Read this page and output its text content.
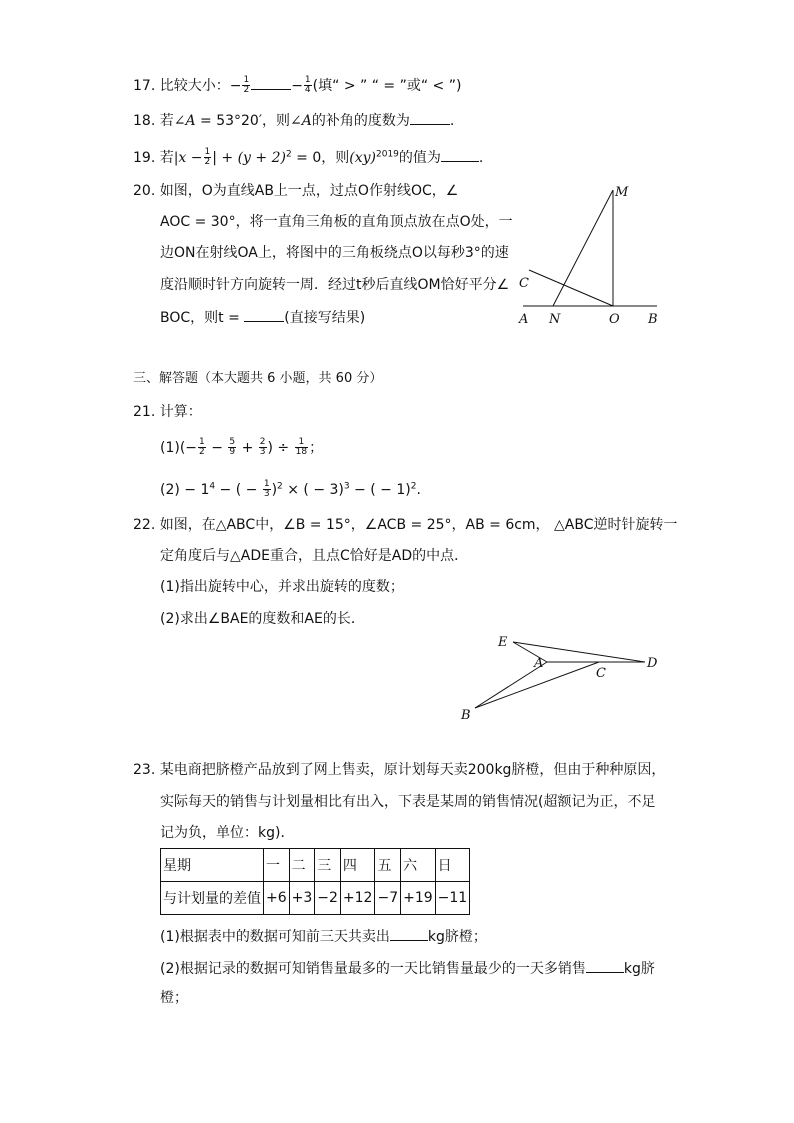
17. 比较大小：− $\frac{1}{2}$	− $\frac{1}{4}$ (填“ > ” “ = ”或“ < ”)
18. 若∠A = 53°20′，则∠A的补角的度数为	.
19. 若$|x - \frac{1}{2}$ | + $(y + 2)^2 = 0$，则(xy)$^{2019}$的值为	.
20. 如图，O为直线AB上一点，过点O作射线OC，∠
AOC = 30°，将一直角三角板的直角顶点放在点O处，一
边ON在射线OA上，将图中的三角板绕点O以每秒3°的速
度沿顺时针方向旋转一周．经过t秒后直线OM恰好平分∠
BOC，则t =	(直接写结果)
M
C
A N	O B
三、解答题（本大题共 6 小题，共 60 分）
21. 计算：
$(1)(- \frac{1}{2} - \frac{5}{9} + \frac{2}{3}$ ) ÷ $\frac{1}{18}$ ；
$(2) - 1^4$ − ( − $\frac{1}{3} )^2$ × ( − 3)$^3$ − ( − 1)$^2$.
22. 如图，在△ABC中，∠B = 15°，∠ACB = 25°，AB = 6cm， △ABC逆时针旋转一
定角度后与△ADE重合，且点C恰好是AD的中点．
(1)指出旋转中心，并求出旋转的度数；
(2)求出∠BAE的度数和AE的长．
E
A
C
D
B
23. 某电商把脐橙产品放到了网上售卖，原计划每天卖200kg脐橙，但由于种种原因，
实际每天的销售与计划量相比有出入，下表是某周的销售情况(超额记为正，不足
记为负，单位：kg)．
星期	一	二	三	四	五	六	日
与计划量的差值	+6	+3	−2	+12	−7	+19	−11
(1)根据表中的数据可知前三天共卖出	kg脐橙；
(2)根据记录的数据可知销售量最多的一天比销售量最少的一天多销售	kg脐
橙；
